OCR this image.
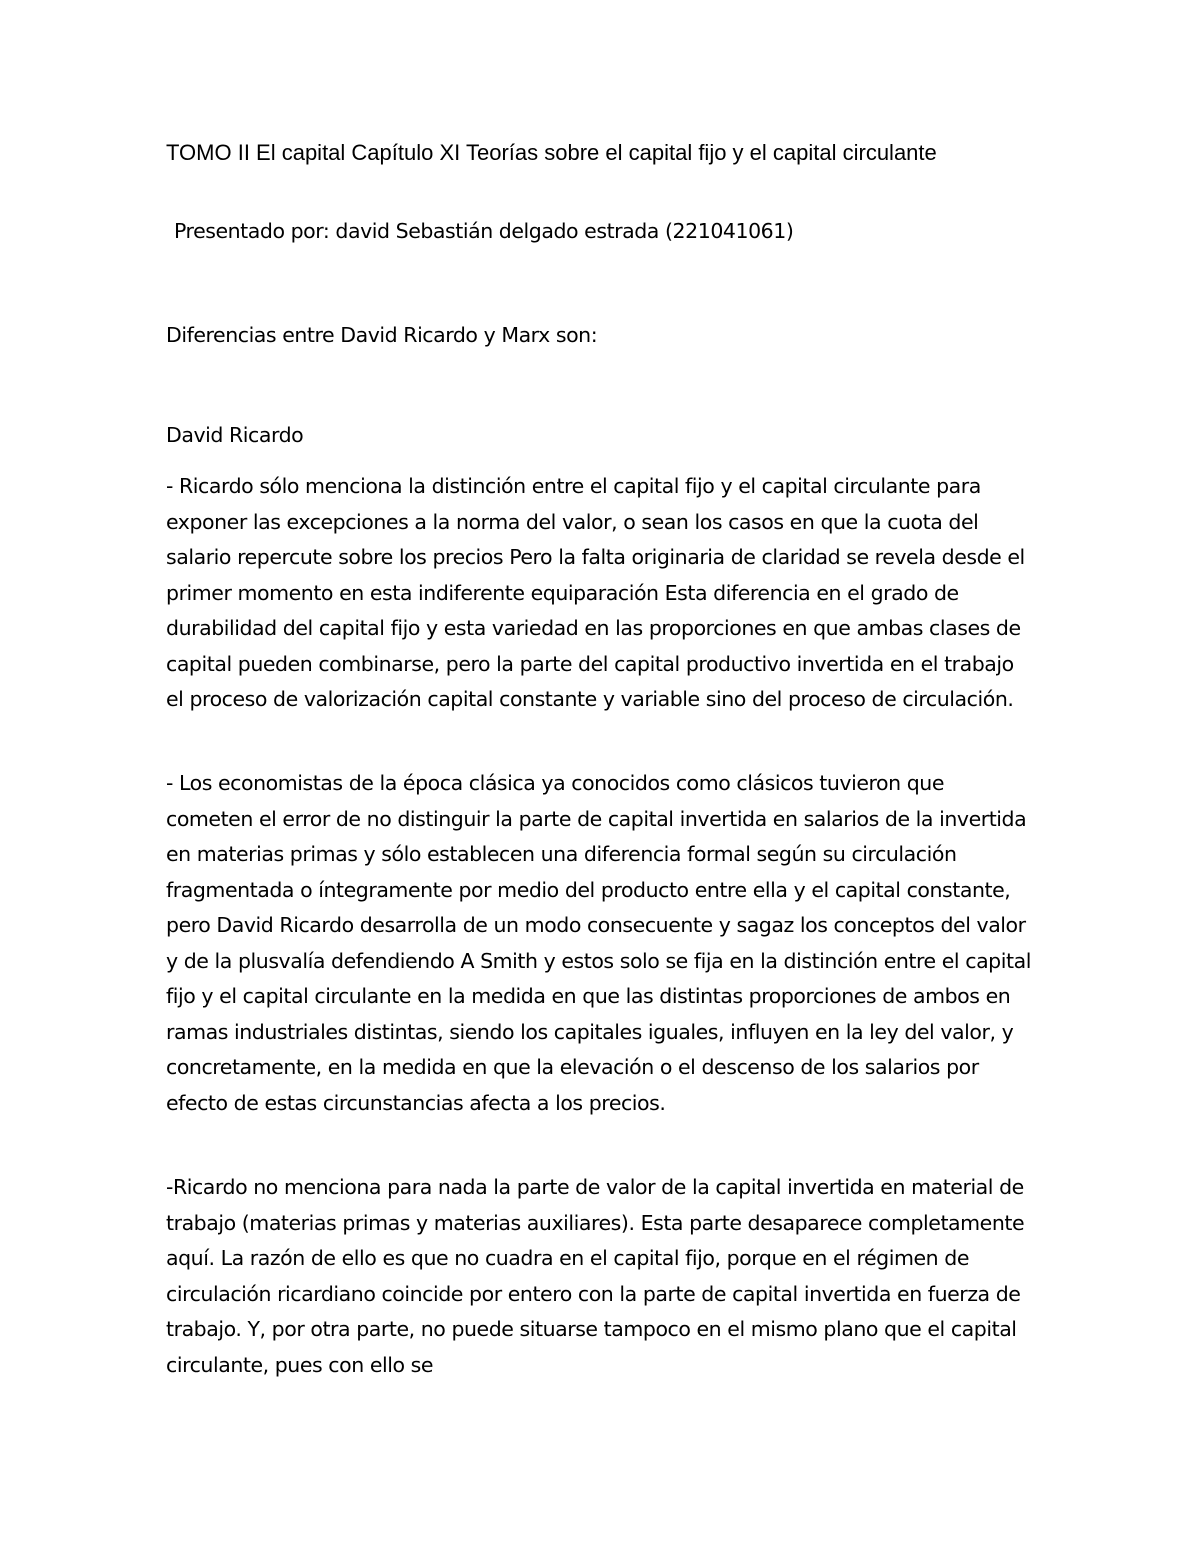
TOMO II El capital Capítulo XI Teorías sobre el capital fijo y el capital circulante

Presentado por: david Sebastián delgado estrada (221041061)

Diferencias entre David Ricardo y Marx son:

David Ricardo

- Ricardo sólo menciona la distinción entre el capital fijo y el capital circulante para exponer las excepciones a la norma del valor, o sean los casos en que la cuota del salario repercute sobre los precios Pero la falta originaria de claridad se revela desde el primer momento en esta indiferente equiparación Esta diferencia en el grado de durabilidad del capital fijo y esta variedad en las proporciones en que ambas clases de capital pueden combinarse, pero la parte del capital productivo invertida en el trabajo el proceso de valorización capital constante y variable sino del proceso de circulación.

- Los economistas de la época clásica ya conocidos como clásicos tuvieron que cometen el error de no distinguir la parte de capital invertida en salarios de la invertida en materias primas y sólo establecen una diferencia formal según su circulación fragmentada o íntegramente por medio del producto entre ella y el capital constante, pero David Ricardo desarrolla de un modo consecuente y sagaz los conceptos del valor y de la plusvalía defendiendo A Smith y estos solo se fija en la distinción entre el capital fijo y el capital circulante en la medida en que las distintas proporciones de ambos en ramas industriales distintas, siendo los capitales iguales, influyen en la ley del valor, y concretamente, en la medida en que la elevación o el descenso de los salarios por efecto de estas circunstancias afecta a los precios.

-Ricardo no menciona para nada la parte de valor de la capital invertida en material de trabajo (materias primas y materias auxiliares). Esta parte desaparece completamente aquí. La razón de ello es que no cuadra en el capital fijo, porque en el régimen de circulación ricardiano coincide por entero con la parte de capital invertida en fuerza de trabajo. Y, por otra parte, no puede situarse tampoco en el mismo plano que el capital circulante, pues con ello se
